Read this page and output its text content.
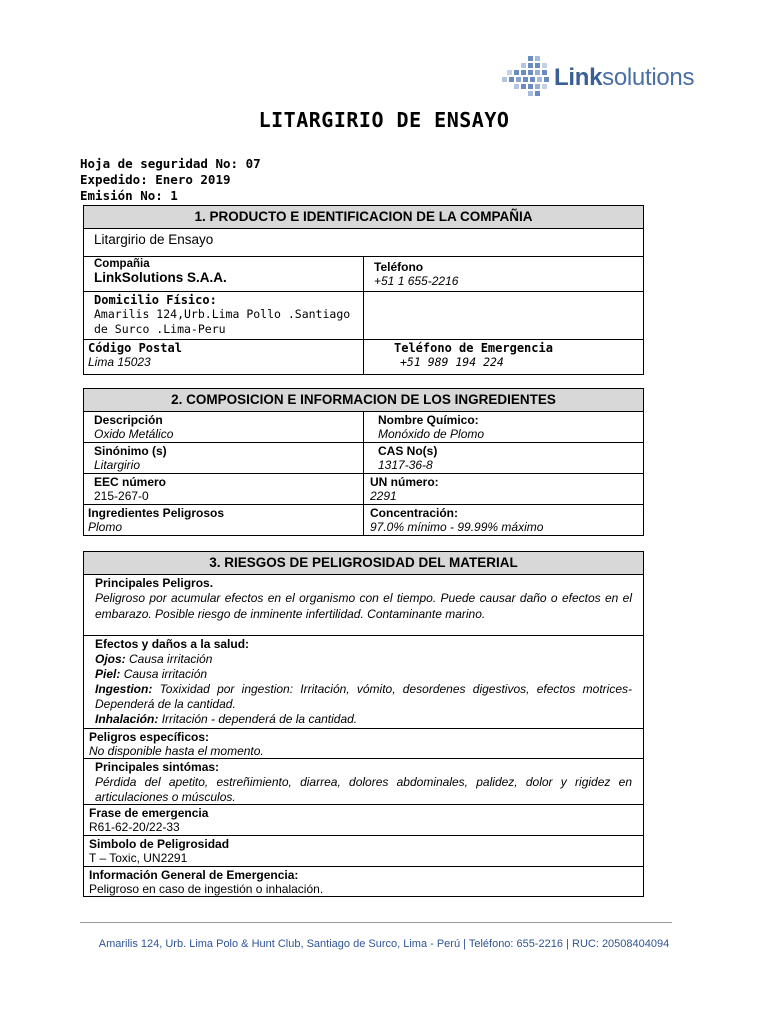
Linksolutions
LITARGIRIO DE ENSAYO
Hoja de seguridad No: 07
Expedido: Enero 2019
Emisión No: 1
1. PRODUCTO E IDENTIFICACION DE LA COMPAÑIA
Litargirio de Ensayo
Compañia
LinkSolutions S.A.A.
Teléfono
+51 1 655-2216
Domicilio Físico:
Amarilis 124,Urb.Lima Pollo .Santiago
de Surco .Lima-Peru
Código Postal
Lima 15023
Teléfono de Emergencia
+51 989 194 224
2. COMPOSICION E INFORMACION DE LOS INGREDIENTES
Descripción
Oxido Metálico
Nombre Químico:
Monóxido de Plomo
Sinónimo (s)
Litargirio
CAS No(s)
1317-36-8
EEC número
215-267-0
UN número:
2291
Ingredientes Peligrosos
Plomo
Concentración:
97.0% mínimo - 99.99% máximo
3. RIESGOS DE PELIGROSIDAD DEL MATERIAL
Principales Peligros.
Peligroso por acumular efectos en el organismo con el tiempo. Puede causar daño o efectos en el embarazo. Posible riesgo de inminente infertilidad. Contaminante marino.
Efectos y daños a la salud:
Ojos: Causa irritación
Piel: Causa irritación
Ingestion: Toxixidad por ingestion: Irritación, vómito, desordenes digestivos, efectos motrices- Dependerá de la cantidad.
Inhalación: Irritación - dependerá de la cantidad.
Peligros específicos:
No disponible hasta el momento.
Principales sintómas:
Pérdida del apetito, estreñimiento, diarrea, dolores abdominales, palidez, dolor y rigidez en articulaciones o músculos.
Frase de emergencia
R61-62-20/22-33
Simbolo de Peligrosidad
T – Toxic, UN2291
Información General de Emergencia:
Peligroso en caso de ingestión o inhalación.
Amarilis 124, Urb. Lima Polo & Hunt Club, Santiago de Surco, Lima - Perú | Teléfono: 655-2216 | RUC: 20508404094
